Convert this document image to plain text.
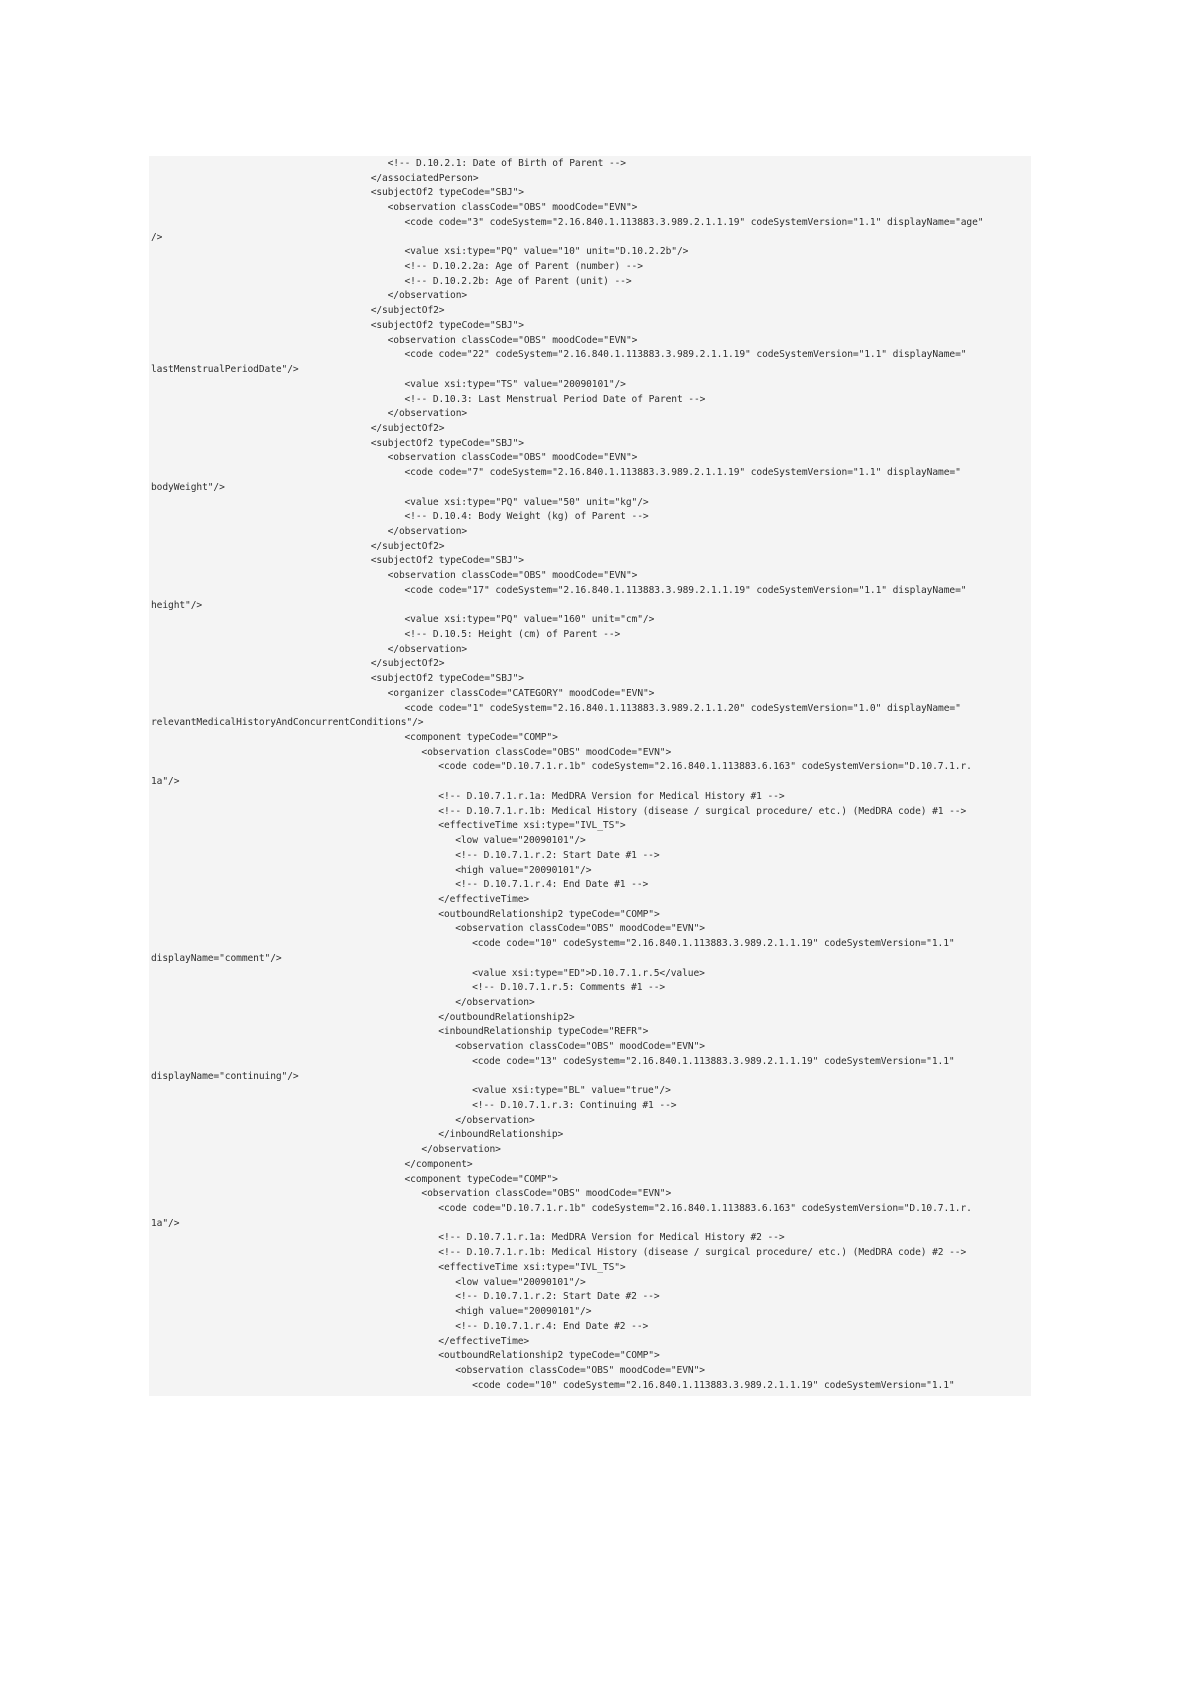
<!-- D.10.2.1: Date of Birth of Parent -->
</associatedPerson>
<subjectOf2 typeCode="SBJ">
<observation classCode="OBS" moodCode="EVN">
<code code="3" codeSystem="2.16.840.1.113883.3.989.2.1.1.19" codeSystemVersion="1.1" displayName="age"
/>
<value xsi:type="PQ" value="10" unit="D.10.2.2b"/>
<!-- D.10.2.2a: Age of Parent (number) -->
<!-- D.10.2.2b: Age of Parent (unit) -->
</observation>
</subjectOf2>
<subjectOf2 typeCode="SBJ">
<observation classCode="OBS" moodCode="EVN">
<code code="22" codeSystem="2.16.840.1.113883.3.989.2.1.1.19" codeSystemVersion="1.1" displayName="
lastMenstrualPeriodDate"/>
<value xsi:type="TS" value="20090101"/>
<!-- D.10.3: Last Menstrual Period Date of Parent -->
</observation>
</subjectOf2>
<subjectOf2 typeCode="SBJ">
<observation classCode="OBS" moodCode="EVN">
<code code="7" codeSystem="2.16.840.1.113883.3.989.2.1.1.19" codeSystemVersion="1.1" displayName="
bodyWeight"/>
<value xsi:type="PQ" value="50" unit="kg"/>
<!-- D.10.4: Body Weight (kg) of Parent -->
</observation>
</subjectOf2>
<subjectOf2 typeCode="SBJ">
<observation classCode="OBS" moodCode="EVN">
<code code="17" codeSystem="2.16.840.1.113883.3.989.2.1.1.19" codeSystemVersion="1.1" displayName="
height"/>
<value xsi:type="PQ" value="160" unit="cm"/>
<!-- D.10.5: Height (cm) of Parent -->
</observation>
</subjectOf2>
<subjectOf2 typeCode="SBJ">
<organizer classCode="CATEGORY" moodCode="EVN">
<code code="1" codeSystem="2.16.840.1.113883.3.989.2.1.1.20" codeSystemVersion="1.0" displayName="
relevantMedicalHistoryAndConcurrentConditions"/>
<component typeCode="COMP">
<observation classCode="OBS" moodCode="EVN">
<code code="D.10.7.1.r.1b" codeSystem="2.16.840.1.113883.6.163" codeSystemVersion="D.10.7.1.r.
1a"/>
<!-- D.10.7.1.r.1a: MedDRA Version for Medical History #1 -->
<!-- D.10.7.1.r.1b: Medical History (disease / surgical procedure/ etc.) (MedDRA code) #1 -->
<effectiveTime xsi:type="IVL_TS">
<low value="20090101"/>
<!-- D.10.7.1.r.2: Start Date #1 -->
<high value="20090101"/>
<!-- D.10.7.1.r.4: End Date #1 -->
</effectiveTime>
<outboundRelationship2 typeCode="COMP">
<observation classCode="OBS" moodCode="EVN">
<code code="10" codeSystem="2.16.840.1.113883.3.989.2.1.1.19" codeSystemVersion="1.1"
displayName="comment"/>
<value xsi:type="ED">D.10.7.1.r.5</value>
<!-- D.10.7.1.r.5: Comments #1 -->
</observation>
</outboundRelationship2>
<inboundRelationship typeCode="REFR">
<observation classCode="OBS" moodCode="EVN">
<code code="13" codeSystem="2.16.840.1.113883.3.989.2.1.1.19" codeSystemVersion="1.1"
displayName="continuing"/>
<value xsi:type="BL" value="true"/>
<!-- D.10.7.1.r.3: Continuing #1 -->
</observation>
</inboundRelationship>
</observation>
</component>
<component typeCode="COMP">
<observation classCode="OBS" moodCode="EVN">
<code code="D.10.7.1.r.1b" codeSystem="2.16.840.1.113883.6.163" codeSystemVersion="D.10.7.1.r.
1a"/>
<!-- D.10.7.1.r.1a: MedDRA Version for Medical History #2 -->
<!-- D.10.7.1.r.1b: Medical History (disease / surgical procedure/ etc.) (MedDRA code) #2 -->
<effectiveTime xsi:type="IVL_TS">
<low value="20090101"/>
<!-- D.10.7.1.r.2: Start Date #2 -->
<high value="20090101"/>
<!-- D.10.7.1.r.4: End Date #2 -->
</effectiveTime>
<outboundRelationship2 typeCode="COMP">
<observation classCode="OBS" moodCode="EVN">
<code code="10" codeSystem="2.16.840.1.113883.3.989.2.1.1.19" codeSystemVersion="1.1"
